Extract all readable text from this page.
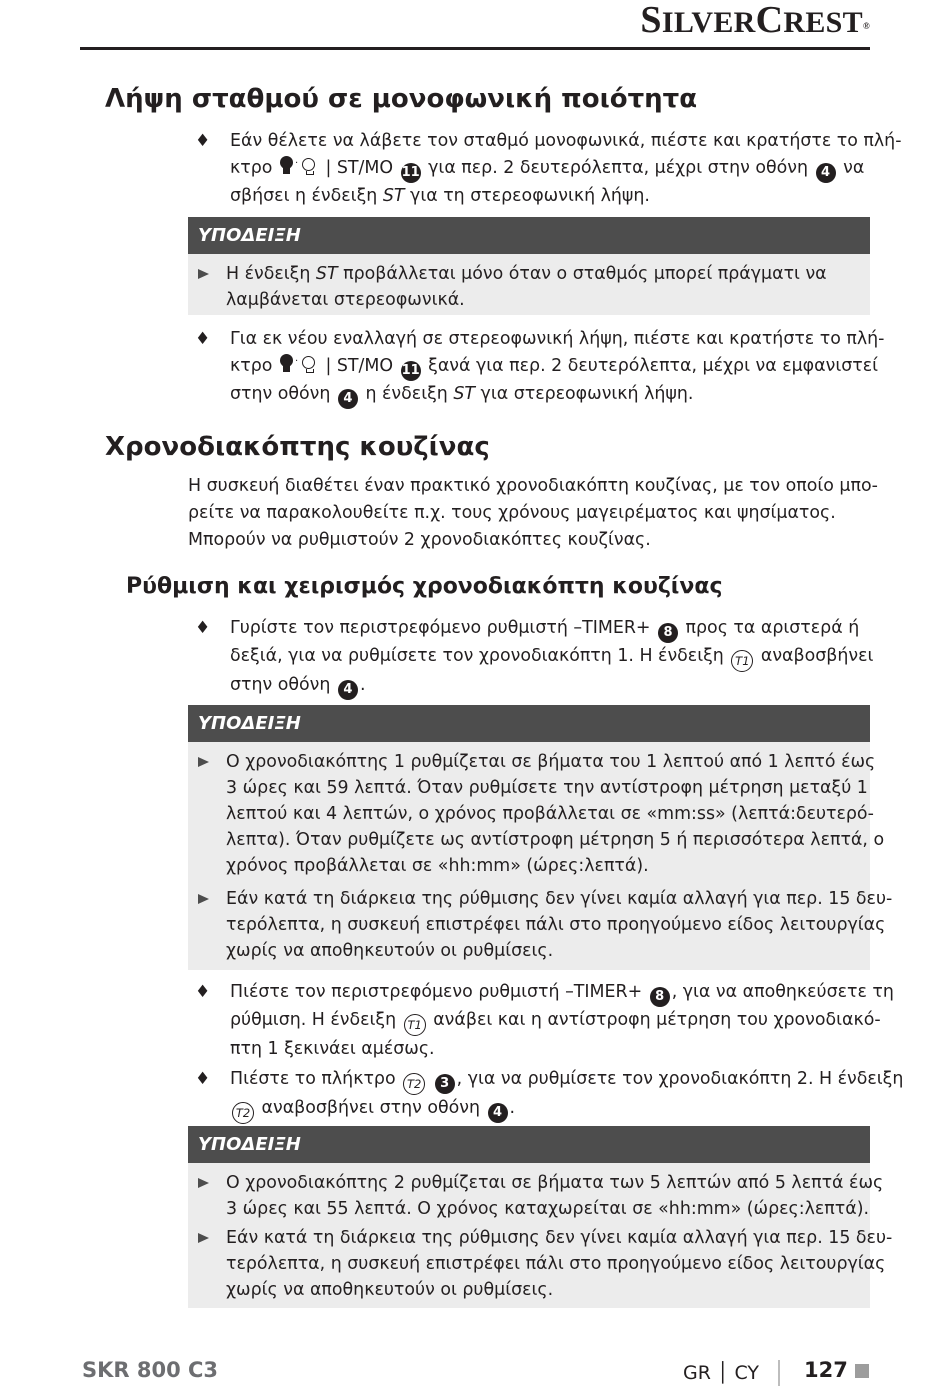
SILVERCREST®
Λήψη σταθμού σε μονοφωνική ποιότητα
♦ Εάν θέλετε να λάβετε τον σταθμό μονοφωνικά, πιέστε και κρατήστε το πλή-
κτρο · | ST/MO 11 για περ. 2 δευτερόλεπτα, μέχρι στην οθόνη 4 να
σβήσει η ένδειξη ST για τη στερεοφωνική λήψη.
ΥΠΟΔΕΙΞΗ
Η ένδειξη ST προβάλλεται μόνο όταν ο σταθμός μπορεί πράγματι να
λαμβάνεται στερεοφωνικά.
♦ Για εκ νέου εναλλαγή σε στερεοφωνική λήψη, πιέστε και κρατήστε το πλή-
κτρο · | ST/MO 11 ξανά για περ. 2 δευτερόλεπτα, μέχρι να εμφανιστεί
στην οθόνη 4 η ένδειξη ST για στερεοφωνική λήψη.
Χρονοδιακόπτης κουζίνας
Η συσκευή διαθέτει έναν πρακτικό χρονοδιακόπτη κουζίνας, με τον οποίο μπο-
ρείτε να παρακολουθείτε π.χ. τους χρόνους μαγειρέματος και ψησίματος.
Μπορούν να ρυθμιστούν 2 χρονοδιακόπτες κουζίνας.
Ρύθμιση και χειρισμός χρονοδιακόπτη κουζίνας
♦ Γυρίστε τον περιστρεφόμενο ρυθμιστή –TIMER+ 8 προς τα αριστερά ή
δεξιά, για να ρυθμίσετε τον χρονοδιακόπτη 1. Η ένδειξη T1 αναβοσβήνει
στην οθόνη 4 .
ΥΠΟΔΕΙΞΗ
Ο χρονοδιακόπτης 1 ρυθμίζεται σε βήματα του 1 λεπτού από 1 λεπτό έως
3 ώρες και 59 λεπτά. Όταν ρυθμίσετε την αντίστροφη μέτρηση μεταξύ 1
λεπτού και 4 λεπτών, ο χρόνος προβάλλεται σε «mm:ss» (λεπτά:δευτερό-
λεπτα). Όταν ρυθμίζετε ως αντίστροφη μέτρηση 5 ή περισσότερα λεπτά, ο
χρόνος προβάλλεται σε «hh:mm» (ώρες:λεπτά).
Εάν κατά τη διάρκεια της ρύθμισης δεν γίνει καμία αλλαγή για περ. 15 δευ-
τερόλεπτα, η συσκευή επιστρέφει πάλι στο προηγούμενο είδος λειτουργίας
χωρίς να αποθηκευτούν οι ρυθμίσεις.
♦ Πιέστε τον περιστρεφόμενο ρυθμιστή –TIMER+ 8 , για να αποθηκεύσετε τη
ρύθμιση. Η ένδειξη T1 ανάβει και η αντίστροφη μέτρηση του χρονοδιακό-
πτη 1 ξεκινάει αμέσως.
♦ Πιέστε το πλήκτρο T2 3 , για να ρυθμίσετε τον χρονοδιακόπτη 2. Η ένδειξη
T2 αναβοσβήνει στην οθόνη 4 .
ΥΠΟΔΕΙΞΗ
Ο χρονοδιακόπτης 2 ρυθμίζεται σε βήματα των 5 λεπτών από 5 λεπτά έως
3 ώρες και 55 λεπτά. Ο χρόνος καταχωρείται σε «hh:mm» (ώρες:λεπτά).
Εάν κατά τη διάρκεια της ρύθμισης δεν γίνει καμία αλλαγή για περ. 15 δευ-
τερόλεπτα, η συσκευή επιστρέφει πάλι στο προηγούμενο είδος λειτουργίας
χωρίς να αποθηκευτούν οι ρυθμίσεις.
SKR 800 C3	GR │ CY 127
